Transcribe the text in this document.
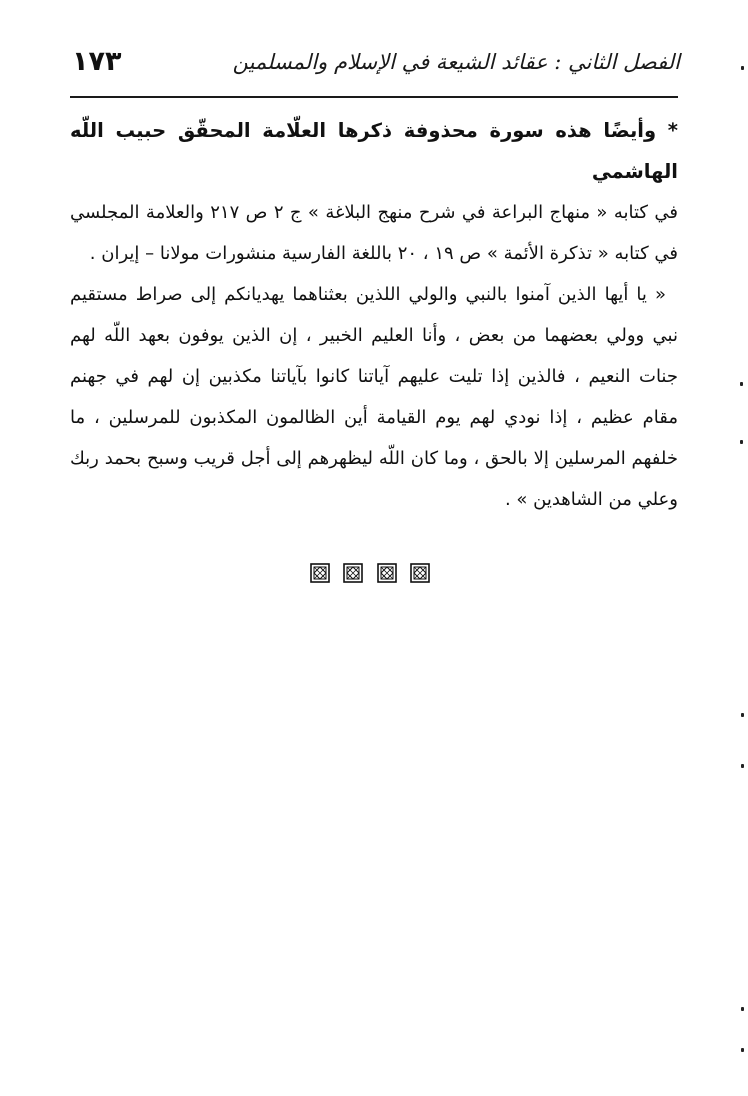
الفصل الثاني : عقائد الشيعة في الإسلام والمسلمين
١٧٣

* وأيضًا هذه سورة محذوفة ذكرها العلّامة المحقّق حبيب اللّه الهاشمي

في كتابه « منهاج البراعة في شرح منهج البلاغة » ج ٢ ص ٢١٧ والعلامة المجلسي في كتابه « تذكرة الأئمة » ص ١٩ ، ٢٠ باللغة الفارسية منشورات مولانا – إيران .

« يا أيها الذين آمنوا بالنبي والولي اللذين بعثناهما يهديانكم إلى صراط مستقيم نبي وولي بعضهما من بعض ، وأنا العليم الخبير ، إن الذين يوفون بعهد اللّه لهم جنات النعيم ، فالذين إذا تليت عليهم آياتنا كانوا بآياتنا مكذبين إن لهم في جهنم مقام عظيم ، إذا نودي لهم يوم القيامة أين الظالمون المكذبون للمرسلين ، ما خلفهم المرسلين إلا بالحق ، وما كان اللّه ليظهرهم إلى أجل قريب وسبح بحمد ربك وعلي من الشاهدين » .
